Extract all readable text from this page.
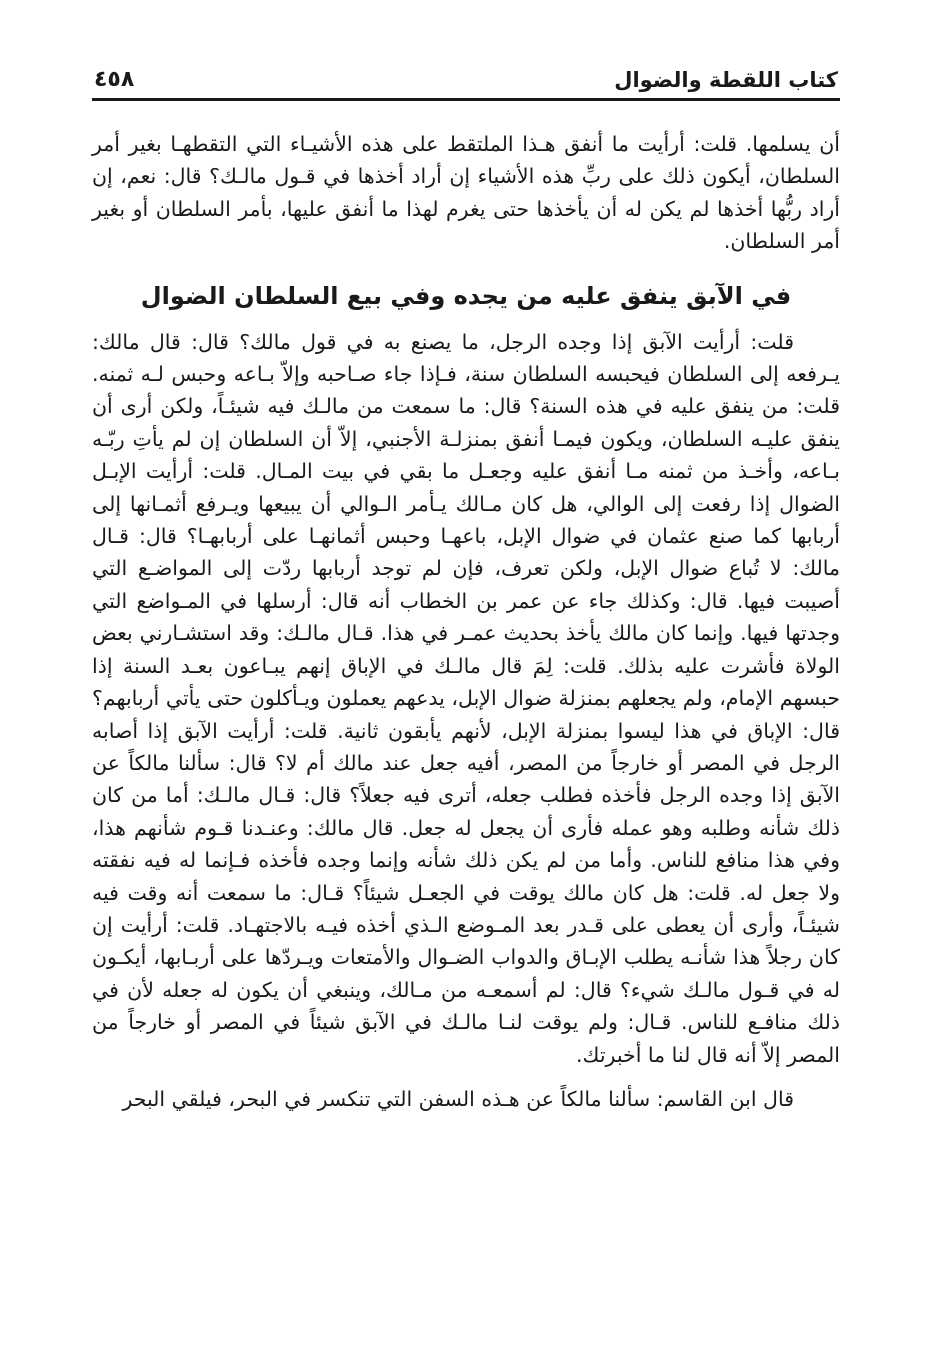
كتاب اللقطة والضوال
٤٥٨

أن يسلمها. قلت: أرأيت ما أنفق هـذا الملتقط على هذه الأشيـاء التي التقطهـا بغير أمر السلطان، أيكون ذلك على ربِّ هذه الأشياء إن أراد أخذها في قـول مالـك؟ قال: نعم، إن أراد ربُّها أخذها لم يكن له أن يأخذها حتى يغرم لهذا ما أنفق عليها، بأمر السلطان أو بغير أمر السلطان.

في الآبق ينفق عليه من يجده وفي بيع السلطان الضوال

قلت: أرأيت الآبق إذا وجده الرجل، ما يصنع به في قول مالك؟ قال: قال مالك: يـرفعه إلى السلطان فيحبسه السلطان سنة، فـإذا جاء صـاحبه وإلاّ بـاعه وحبس لـه ثمنه. قلت: من ينفق عليه في هذه السنة؟ قال: ما سمعت من مالـك فيه شيئـاً، ولكن أرى أن ينفق عليـه السلطان، ويكون فيمـا أنفق بمنزلـة الأجنبي، إلاّ أن السلطان إن لم يأتِ ربّـه بـاعه، وأخـذ من ثمنه مـا أنفق عليه وجعـل ما بقي في بيت المـال. قلت: أرأيت الإبـل الضوال إذا رفعت إلى الوالي، هل كان مـالك يـأمر الـوالي أن يبيعها ويـرفع أثمـانها إلى أربابها كما صنع عثمان في ضوال الإبل، باعهـا وحبس أثمانهـا على أربابهـا؟ قال: قـال مالك: لا تُباع ضوال الإبل، ولكن تعرف، فإن لم توجد أربابها ردّت إلى المواضـع التي أصيبت فيها. قال: وكذلك جاء عن عمر بن الخطاب أنه قال: أرسلها في المـواضع التي وجدتها فيها. وإنما كان مالك يأخذ بحديث عمـر في هذا. قـال مالـك: وقد استشـارني بعض الولاة فأشرت عليه بذلك. قلت: لِمَ قال مالـك في الإباق إنهم يبـاعون بعـد السنة إذا حبسهم الإمام، ولم يجعلهم بمنزلة ضوال الإبل، يدعهم يعملون ويـأكلون حتى يأتي أربابهم؟ قال: الإباق في هذا ليسوا بمنزلة الإبل، لأنهم يأبقون ثانية. قلت: أرأيت الآبق إذا أصابه الرجل في المصر أو خارجاً من المصر، أفيه جعل عند مالك أم لا؟ قال: سألنا مالكاً عن الآبق إذا وجده الرجل فأخذه فطلب جعله، أترى فيه جعلاً؟ قال: قـال مالـك: أما من كان ذلك شأنه وطلبه وهو عمله فأرى أن يجعل له جعل. قال مالك: وعنـدنا قـوم شأنهم هذا، وفي هذا منافع للناس. وأما من لم يكن ذلك شأنه وإنما وجده فأخذه فـإنما له فيه نفقته ولا جعل له. قلت: هل كان مالك يوقت في الجعـل شيئاً؟ قـال: ما سمعت أنه وقت فيه شيئـاً، وأرى أن يعطى على قـدر بعد المـوضع الـذي أخذه فيـه بالاجتهـاد. قلت: أرأيت إن كان رجلاً هذا شأنـه يطلب الإبـاق والدواب الضـوال والأمتعات ويـردّها على أربـابها، أيكـون له في قـول مالـك شيء؟ قال: لم أسمعـه من مـالك، وينبغي أن يكون له جعله لأن في ذلك منافـع للناس. قـال: ولم يوقت لنـا مالـك في الآبق شيئاً في المصر أو خارجاً من المصر إلاّ أنه قال لنا ما أخبرتك.

قال ابن القاسم: سألنا مالكاً عن هـذه السفن التي تنكسر في البحر، فيلقي البحر
